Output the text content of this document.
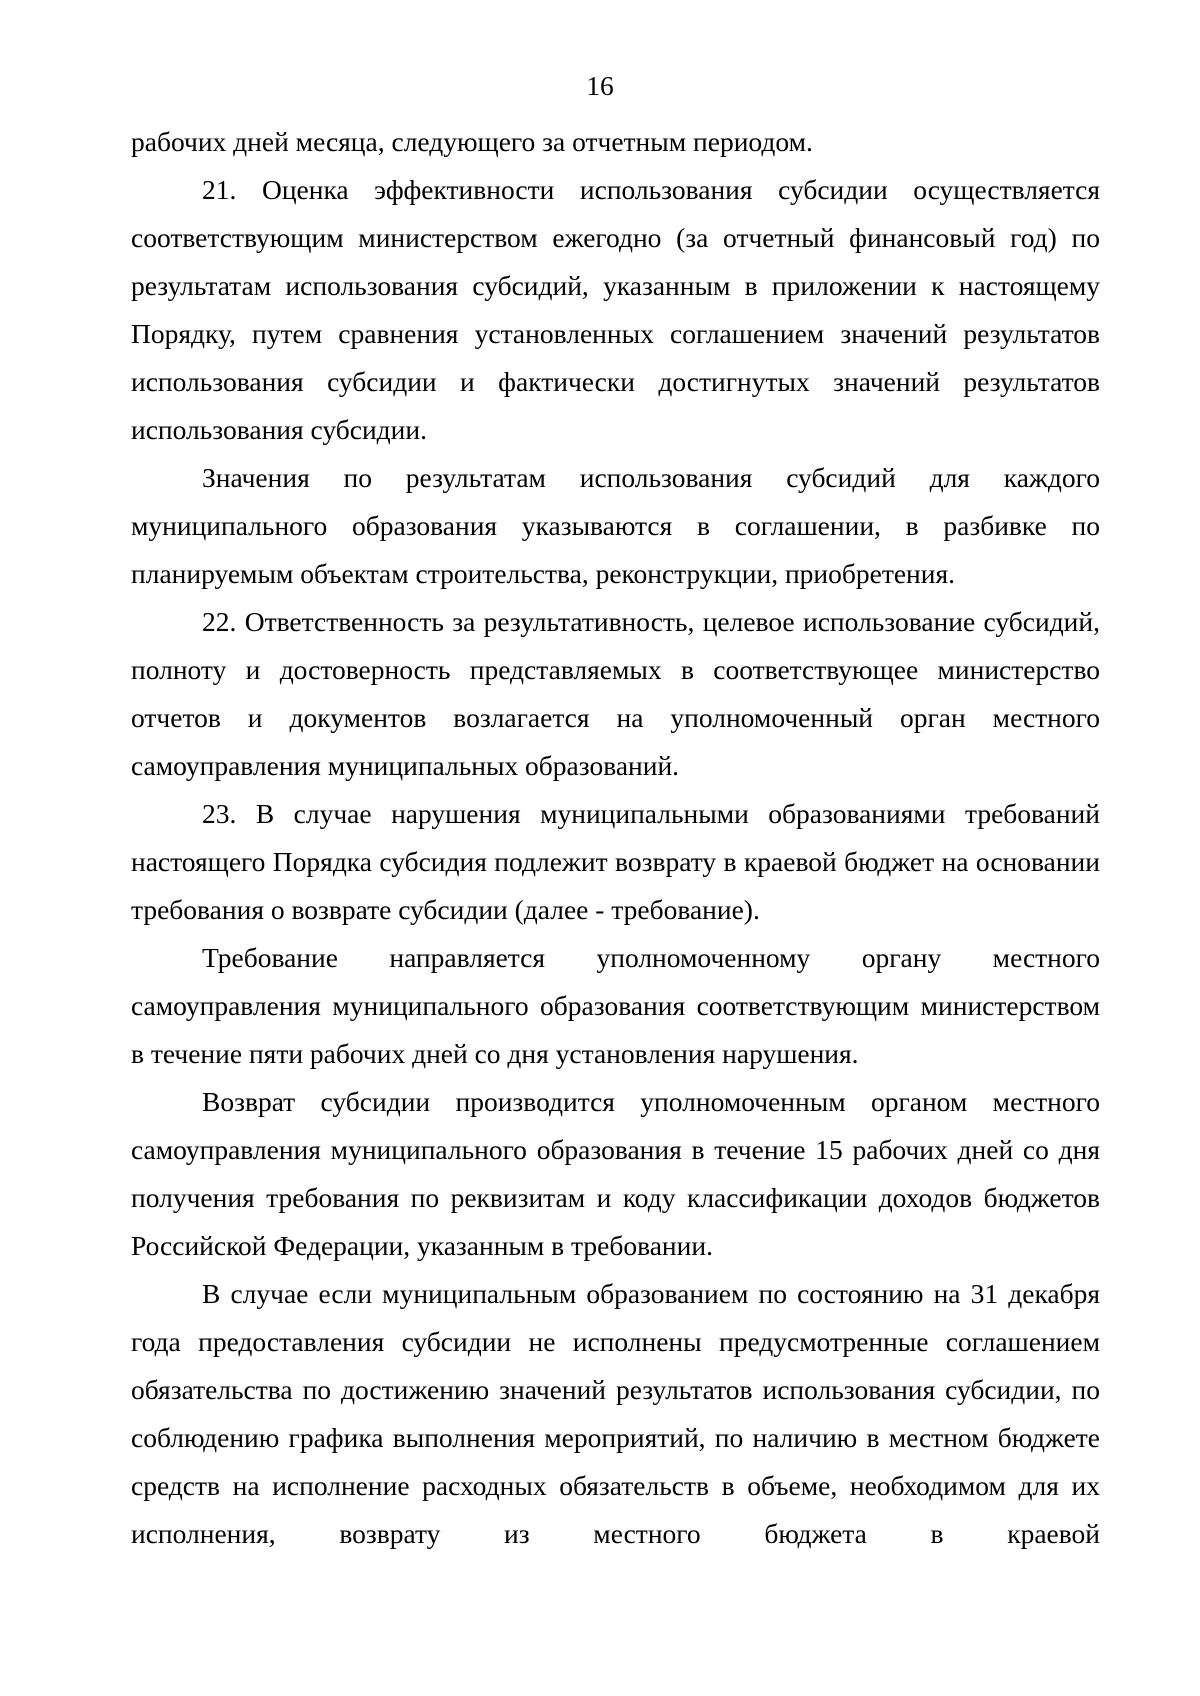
16

рабочих дней месяца, следующего за отчетным периодом.

21. Оценка эффективности использования субсидии осуществляется соответствующим министерством ежегодно (за отчетный финансовый год) по результатам использования субсидий, указанным в приложении к настоящему Порядку, путем сравнения установленных соглашением значений результатов использования субсидии и фактически достигнутых значений результатов использования субсидии.

Значения по результатам использования субсидий для каждого муниципального образования указываются в соглашении, в разбивке по планируемым объектам строительства, реконструкции, приобретения.

22. Ответственность за результативность, целевое использование субсидий, полноту и достоверность представляемых в соответствующее министерство отчетов и документов возлагается на уполномоченный орган местного самоуправления муниципальных образований.

23. В случае нарушения муниципальными образованиями требований настоящего Порядка субсидия подлежит возврату в краевой бюджет на основании требования о возврате субсидии (далее - требование).

Требование направляется уполномоченному органу местного самоуправления муниципального образования соответствующим министерством в течение пяти рабочих дней со дня установления нарушения.

Возврат субсидии производится уполномоченным органом местного самоуправления муниципального образования в течение 15 рабочих дней со дня получения требования по реквизитам и коду классификации доходов бюджетов Российской Федерации, указанным в требовании.

В случае если муниципальным образованием по состоянию на 31 декабря года предоставления субсидии не исполнены предусмотренные соглашением обязательства по достижению значений результатов использования субсидии, по соблюдению графика выполнения мероприятий, по наличию в местном бюджете средств на исполнение расходных обязательств в объеме, необходимом для их исполнения, возврату из местного бюджета в краевой
